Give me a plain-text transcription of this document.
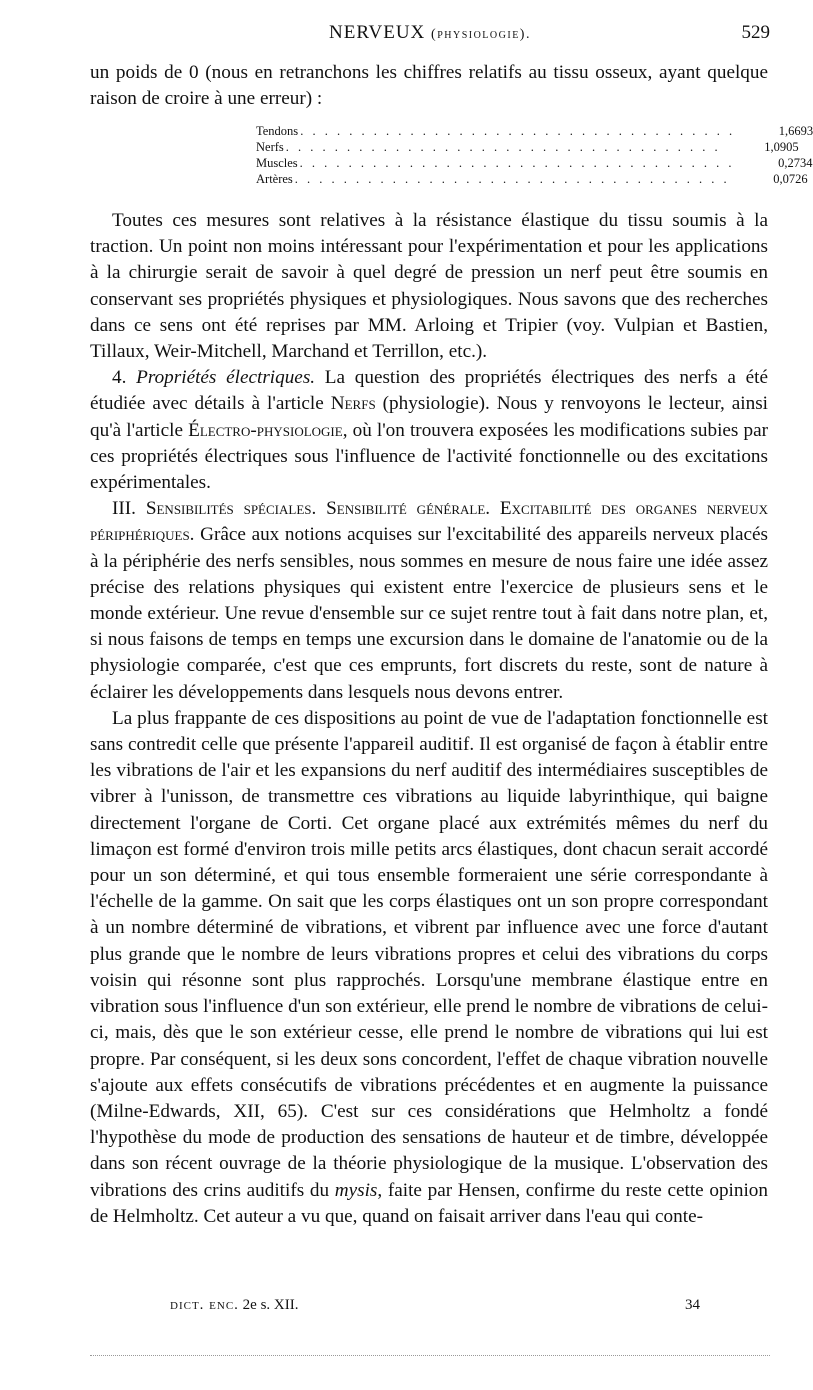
NERVEUX (physiologie).	529

un poids de 0 (nous en retranchons les chiffres relatifs au tissu osseux, ayant quelque raison de croire à une erreur) :

Tendons . . . . . . . . . . . . . . . . . . . . . . . . . . . . . . . . . . . .	1,6693
Nerfs . . . . . . . . . . . . . . . . . . . . . . . . . . . . . . . . . . . .	1,0905
Muscles . . . . . . . . . . . . . . . . . . . . . . . . . . . . . . . . . . . .	0,2734
Artères . . . . . . . . . . . . . . . . . . . . . . . . . . . . . . . . . . . .	0,0726

Toutes ces mesures sont relatives à la résistance élastique du tissu soumis à la traction. Un point non moins intéressant pour l'expérimentation et pour les applications à la chirurgie serait de savoir à quel degré de pression un nerf peut être soumis en conservant ses propriétés physiques et physiologiques. Nous savons que des recherches dans ce sens ont été reprises par MM. Arloing et Tripier (voy. Vulpian et Bastien, Tillaux, Weir-Mitchell, Marchand et Terrillon, etc.).

4. Propriétés électriques. La question des propriétés électriques des nerfs a été étudiée avec détails à l'article Nerfs (physiologie). Nous y renvoyons le lecteur, ainsi qu'à l'article Électro-physiologie, où l'on trouvera exposées les modifications subies par ces propriétés électriques sous l'influence de l'activité fonctionnelle ou des excitations expérimentales.

III. Sensibilités spéciales. Sensibilité générale. Excitabilité des organes nerveux périphériques. Grâce aux notions acquises sur l'excitabilité des appareils nerveux placés à la périphérie des nerfs sensibles, nous sommes en mesure de nous faire une idée assez précise des relations physiques qui existent entre l'exercice de plusieurs sens et le monde extérieur. Une revue d'ensemble sur ce sujet rentre tout à fait dans notre plan, et, si nous faisons de temps en temps une excursion dans le domaine de l'anatomie ou de la physiologie comparée, c'est que ces emprunts, fort discrets du reste, sont de nature à éclairer les développements dans lesquels nous devons entrer.

La plus frappante de ces dispositions au point de vue de l'adaptation fonctionnelle est sans contredit celle que présente l'appareil auditif. Il est organisé de façon à établir entre les vibrations de l'air et les expansions du nerf auditif des intermédiaires susceptibles de vibrer à l'unisson, de transmettre ces vibrations au liquide labyrinthique, qui baigne directement l'organe de Corti. Cet organe placé aux extrémités mêmes du nerf du limaçon est formé d'environ trois mille petits arcs élastiques, dont chacun serait accordé pour un son déterminé, et qui tous ensemble formeraient une série correspondante à l'échelle de la gamme. On sait que les corps élastiques ont un son propre correspondant à un nombre déterminé de vibrations, et vibrent par influence avec une force d'autant plus grande que le nombre de leurs vibrations propres et celui des vibrations du corps voisin qui résonne sont plus rapprochés. Lorsqu'une membrane élastique entre en vibration sous l'influence d'un son extérieur, elle prend le nombre de vibrations de celui-ci, mais, dès que le son extérieur cesse, elle prend le nombre de vibrations qui lui est propre. Par conséquent, si les deux sons concordent, l'effet de chaque vibration nouvelle s'ajoute aux effets consécutifs de vibrations précédentes et en augmente la puissance (Milne-Edwards, XII, 65). C'est sur ces considérations que Helmholtz a fondé l'hypothèse du mode de production des sensations de hauteur et de timbre, développée dans son récent ouvrage de la théorie physiologique de la musique. L'observation des vibrations des crins auditifs du mysis, faite par Hensen, confirme du reste cette opinion de Helmholtz. Cet auteur a vu que, quand on faisait arriver dans l'eau qui conte-

dict. enc. 2e s. XII.	34
